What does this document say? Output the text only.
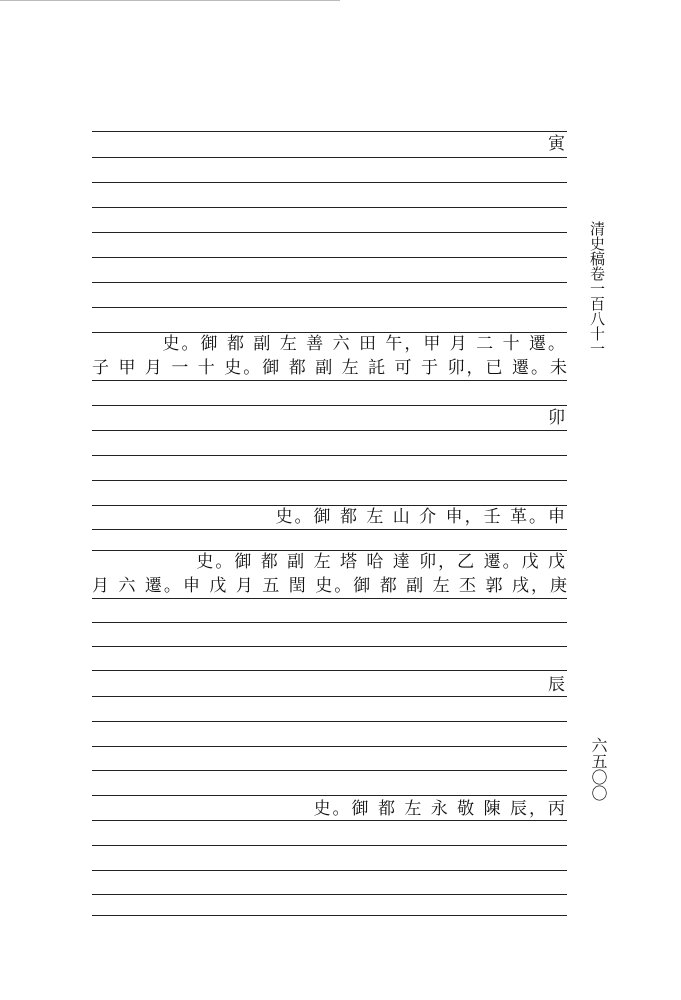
寅
史。御 都 副 左 善 六 田 午，甲 月 二 十 遷。
子 甲 月 一 十 史。御 都 副 左 託 可 于 卯，已 遷。未
卯
史。御 都 左 山 介 申，壬 革。申
史。御 都 副 左 塔 哈 達 卯，乙 遷。戊 戊
月 六 遷。申 戊 月 五 閏 史。御 都 副 左 丕 郭 戌，庚
辰
史。御 都 左 永 敬 陳 辰，丙
清史稿卷一百八十一
六五〇〇
